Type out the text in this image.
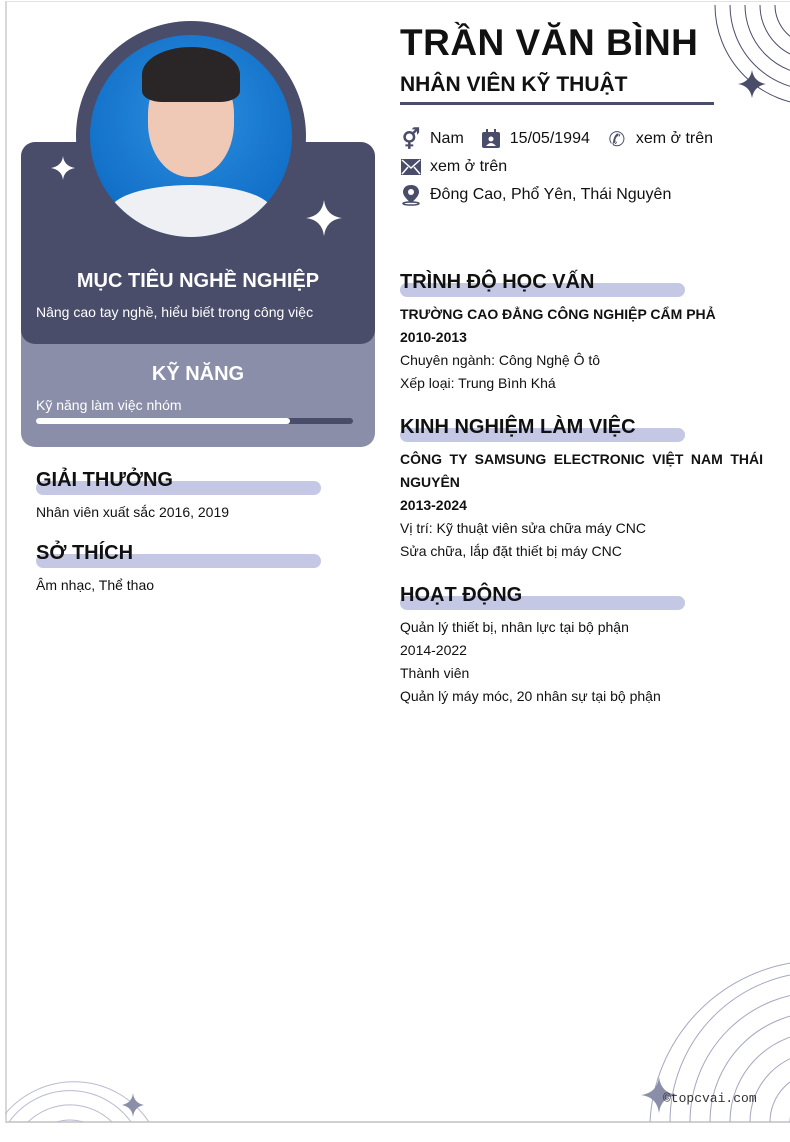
MỤC TIÊU NGHỀ NGHIỆP
Nâng cao tay nghề, hiểu biết trong công việc
KỸ NĂNG
Kỹ năng làm việc nhóm
GIẢI THƯỞNG
Nhân viên xuất sắc 2016, 2019
SỞ THÍCH
Âm nhạc, Thể thao
TRẦN VĂN BÌNH
NHÂN VIÊN KỸ THUẬT
⚥ Nam	15/05/1994 ✆ xem ở trên
xem ở trên
Đông Cao, Phổ Yên, Thái Nguyên
TRÌNH ĐỘ HỌC VẤN
TRƯỜNG CAO ĐẲNG CÔNG NGHIỆP CẨM PHẢ
2010-2013
Chuyên ngành: Công Nghệ Ô tô
Xếp loại: Trung Bình Khá
KINH NGHIỆM LÀM VIỆC
CÔNG TY SAMSUNG ELECTRONIC VIỆT NAM THÁI NGUYÊN
2013-2024
Vị trí: Kỹ thuật viên sửa chữa máy CNC
Sửa chữa, lắp đặt thiết bị máy CNC
HOẠT ĐỘNG
Quản lý thiết bị, nhân lực tại bộ phận
2014-2022
Thành viên
Quản lý máy móc, 20 nhân sự tại bộ phận
©topcvai.com
